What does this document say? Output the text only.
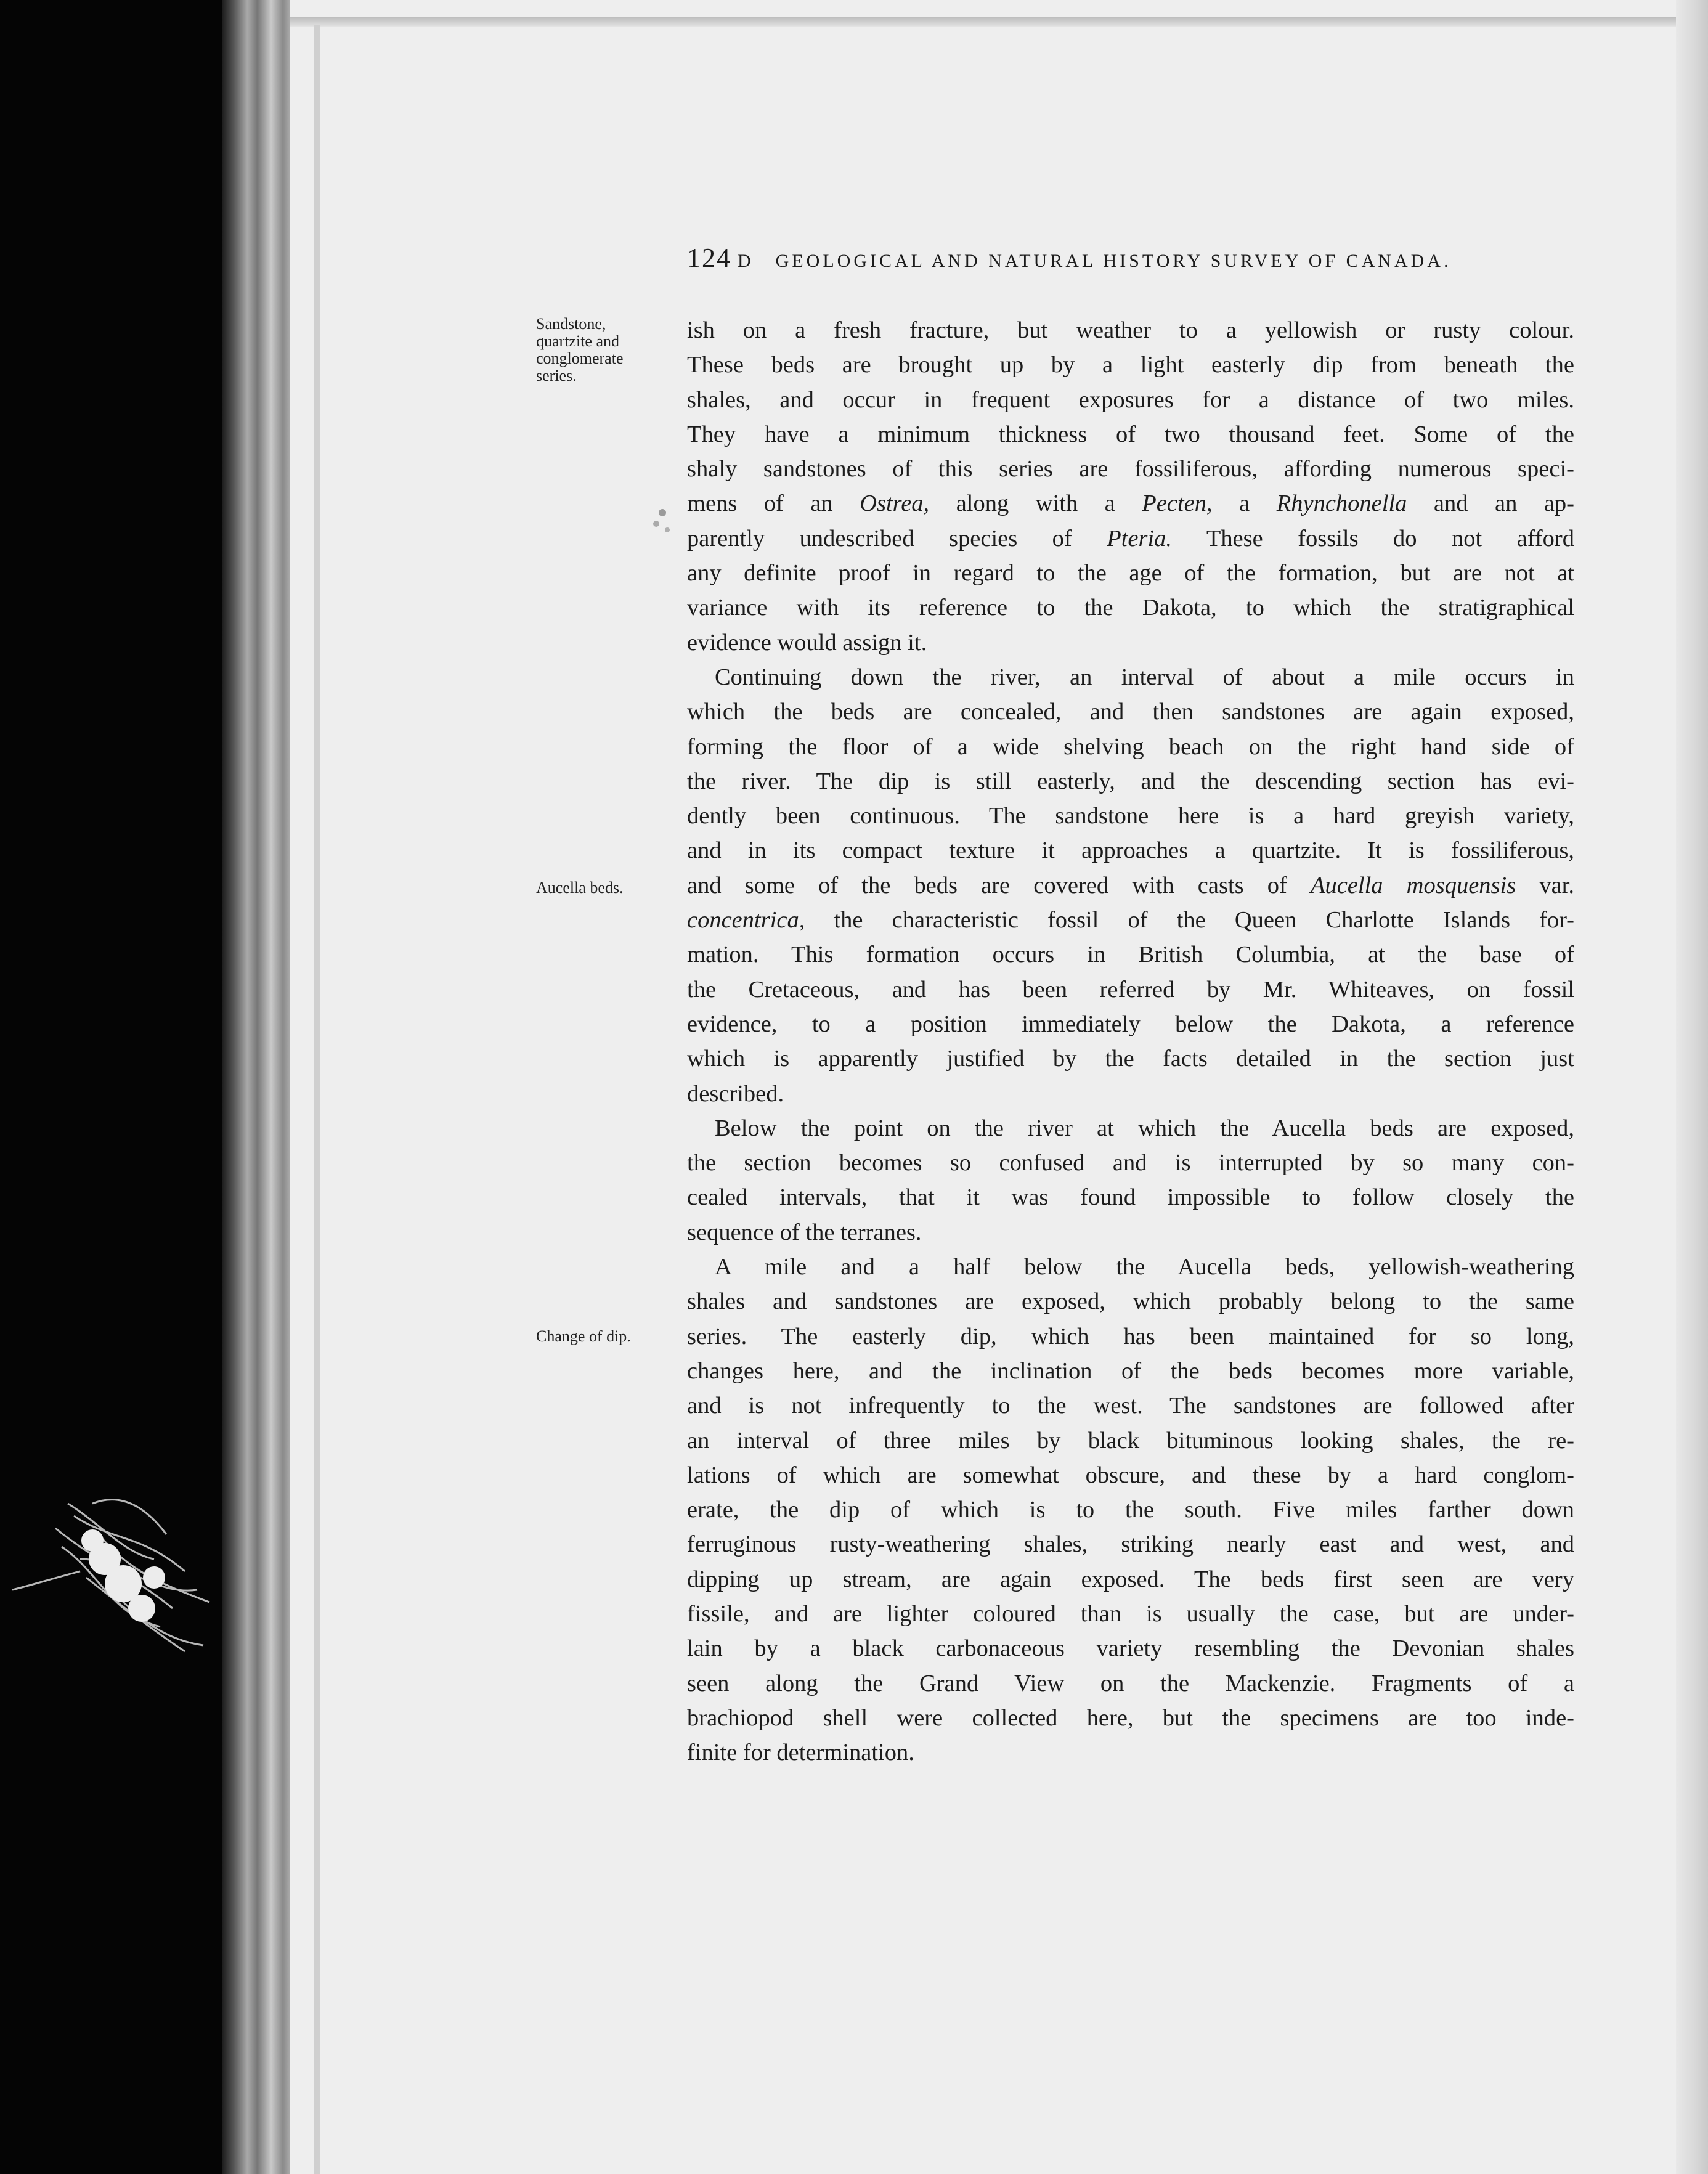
124 D GEOLOGICAL AND NATURAL HISTORY SURVEY OF CANADA.
Sandstone,
quartzite and
conglomerate
series.
Aucella beds.
Change of dip.
ish on a fresh fracture, but weather to a yellowish or rusty colour.
These beds are brought up by a light easterly dip from beneath the
shales, and occur in frequent exposures for a distance of two miles.
They have a minimum thickness of two thousand feet. Some of the
shaly sandstones of this series are fossiliferous, affording numerous speci-
mens of an Ostrea, along with a Pecten, a Rhynchonella and an ap-
parently undescribed species of Pteria. These fossils do not afford
any definite proof in regard to the age of the formation, but are not at
variance with its reference to the Dakota, to which the stratigraphical
evidence would assign it.
Continuing down the river, an interval of about a mile occurs in
which the beds are concealed, and then sandstones are again exposed,
forming the floor of a wide shelving beach on the right hand side of
the river. The dip is still easterly, and the descending section has evi-
dently been continuous. The sandstone here is a hard greyish variety,
and in its compact texture it approaches a quartzite. It is fossiliferous,
and some of the beds are covered with casts of Aucella mosquensis var.
concentrica, the characteristic fossil of the Queen Charlotte Islands for-
mation. This formation occurs in British Columbia, at the base of
the Cretaceous, and has been referred by Mr. Whiteaves, on fossil
evidence, to a position immediately below the Dakota, a reference
which is apparently justified by the facts detailed in the section just
described.
Below the point on the river at which the Aucella beds are exposed,
the section becomes so confused and is interrupted by so many con-
cealed intervals, that it was found impossible to follow closely the
sequence of the terranes.
A mile and a half below the Aucella beds, yellowish-weathering
shales and sandstones are exposed, which probably belong to the same
series. The easterly dip, which has been maintained for so long,
changes here, and the inclination of the beds becomes more variable,
and is not infrequently to the west. The sandstones are followed after
an interval of three miles by black bituminous looking shales, the re-
lations of which are somewhat obscure, and these by a hard conglom-
erate, the dip of which is to the south. Five miles farther down
ferruginous rusty-weathering shales, striking nearly east and west, and
dipping up stream, are again exposed. The beds first seen are very
fissile, and are lighter coloured than is usually the case, but are under-
lain by a black carbonaceous variety resembling the Devonian shales
seen along the Grand View on the Mackenzie. Fragments of a
brachiopod shell were collected here, but the specimens are too inde-
finite for determination.
